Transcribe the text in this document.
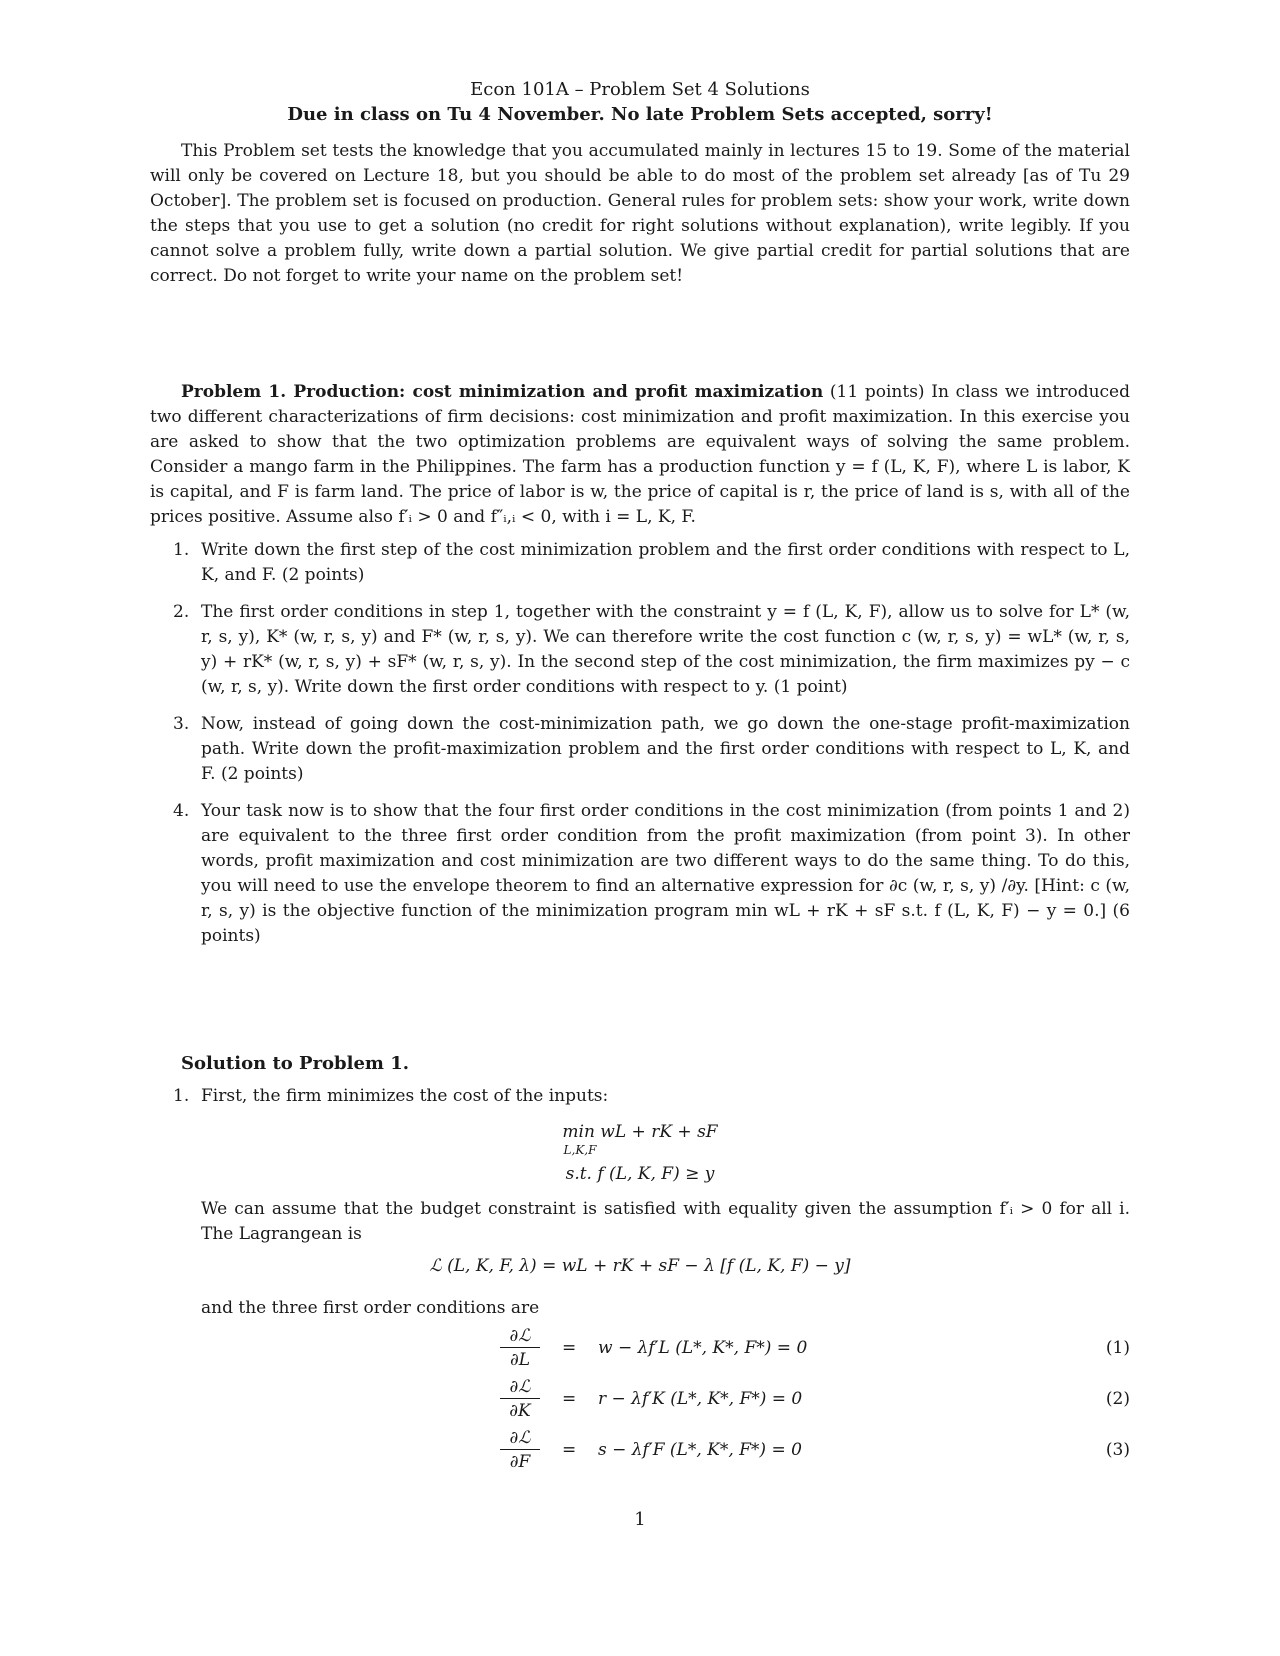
Econ 101A – Problem Set 4 Solutions
Due in class on Tu 4 November. No late Problem Sets accepted, sorry!

This Problem set tests the knowledge that you accumulated mainly in lectures 15 to 19. Some of the material will only be covered on Lecture 18, but you should be able to do most of the problem set already [as of Tu 29 October]. The problem set is focused on production. General rules for problem sets: show your work, write down the steps that you use to get a solution (no credit for right solutions without explanation), write legibly. If you cannot solve a problem fully, write down a partial solution. We give partial credit for partial solutions that are correct. Do not forget to write your name on the problem set!

Problem 1. Production: cost minimization and profit maximization (11 points) In class we introduced two different characterizations of firm decisions: cost minimization and profit maximization. In this exercise you are asked to show that the two optimization problems are equivalent ways of solving the same problem. Consider a mango farm in the Philippines. The farm has a production function y = f (L, K, F), where L is labor, K is capital, and F is farm land. The price of labor is w, the price of capital is r, the price of land is s, with all of the prices positive. Assume also f′ᵢ > 0 and f″ᵢ,ᵢ < 0, with i = L, K, F.

1. Write down the first step of the cost minimization problem and the first order conditions with respect to L, K, and F. (2 points)
2. The first order conditions in step 1, together with the constraint y = f (L, K, F), allow us to solve for L* (w, r, s, y), K* (w, r, s, y) and F* (w, r, s, y). We can therefore write the cost function c (w, r, s, y) = wL* (w, r, s, y) + rK* (w, r, s, y) + sF* (w, r, s, y). In the second step of the cost minimization, the firm maximizes py − c (w, r, s, y). Write down the first order conditions with respect to y. (1 point)
3. Now, instead of going down the cost-minimization path, we go down the one-stage profit-maximization path. Write down the profit-maximization problem and the first order conditions with respect to L, K, and F. (2 points)
4. Your task now is to show that the four first order conditions in the cost minimization (from points 1 and 2) are equivalent to the three first order condition from the profit maximization (from point 3). In other words, profit maximization and cost minimization are two different ways to do the same thing. To do this, you will need to use the envelope theorem to find an alternative expression for ∂c (w, r, s, y) /∂y. [Hint: c (w, r, s, y) is the objective function of the minimization program min wL + rK + sF s.t. f (L, K, F) − y = 0.] (6 points)
Solution to Problem 1.
1. First, the firm minimizes the cost of the inputs:
min wL + rK + sF
L,K,F
s.t. f (L, K, F) ≥ y
We can assume that the budget constraint is satisfied with equality given the assumption f′ᵢ > 0 for all i. The Lagrangean is
ℒ (L, K, F, λ) = wL + rK + sF − λ [f (L, K, F) − y]
and the three first order conditions are
∂ℒ
∂L
= w − λf′L (L*, K*, F*) = 0	(1)
∂ℒ
∂K
= r − λf′K (L*, K*, F*) = 0	(2)
∂ℒ
∂F
= s − λf′F (L*, K*, F*) = 0	(3)
1
